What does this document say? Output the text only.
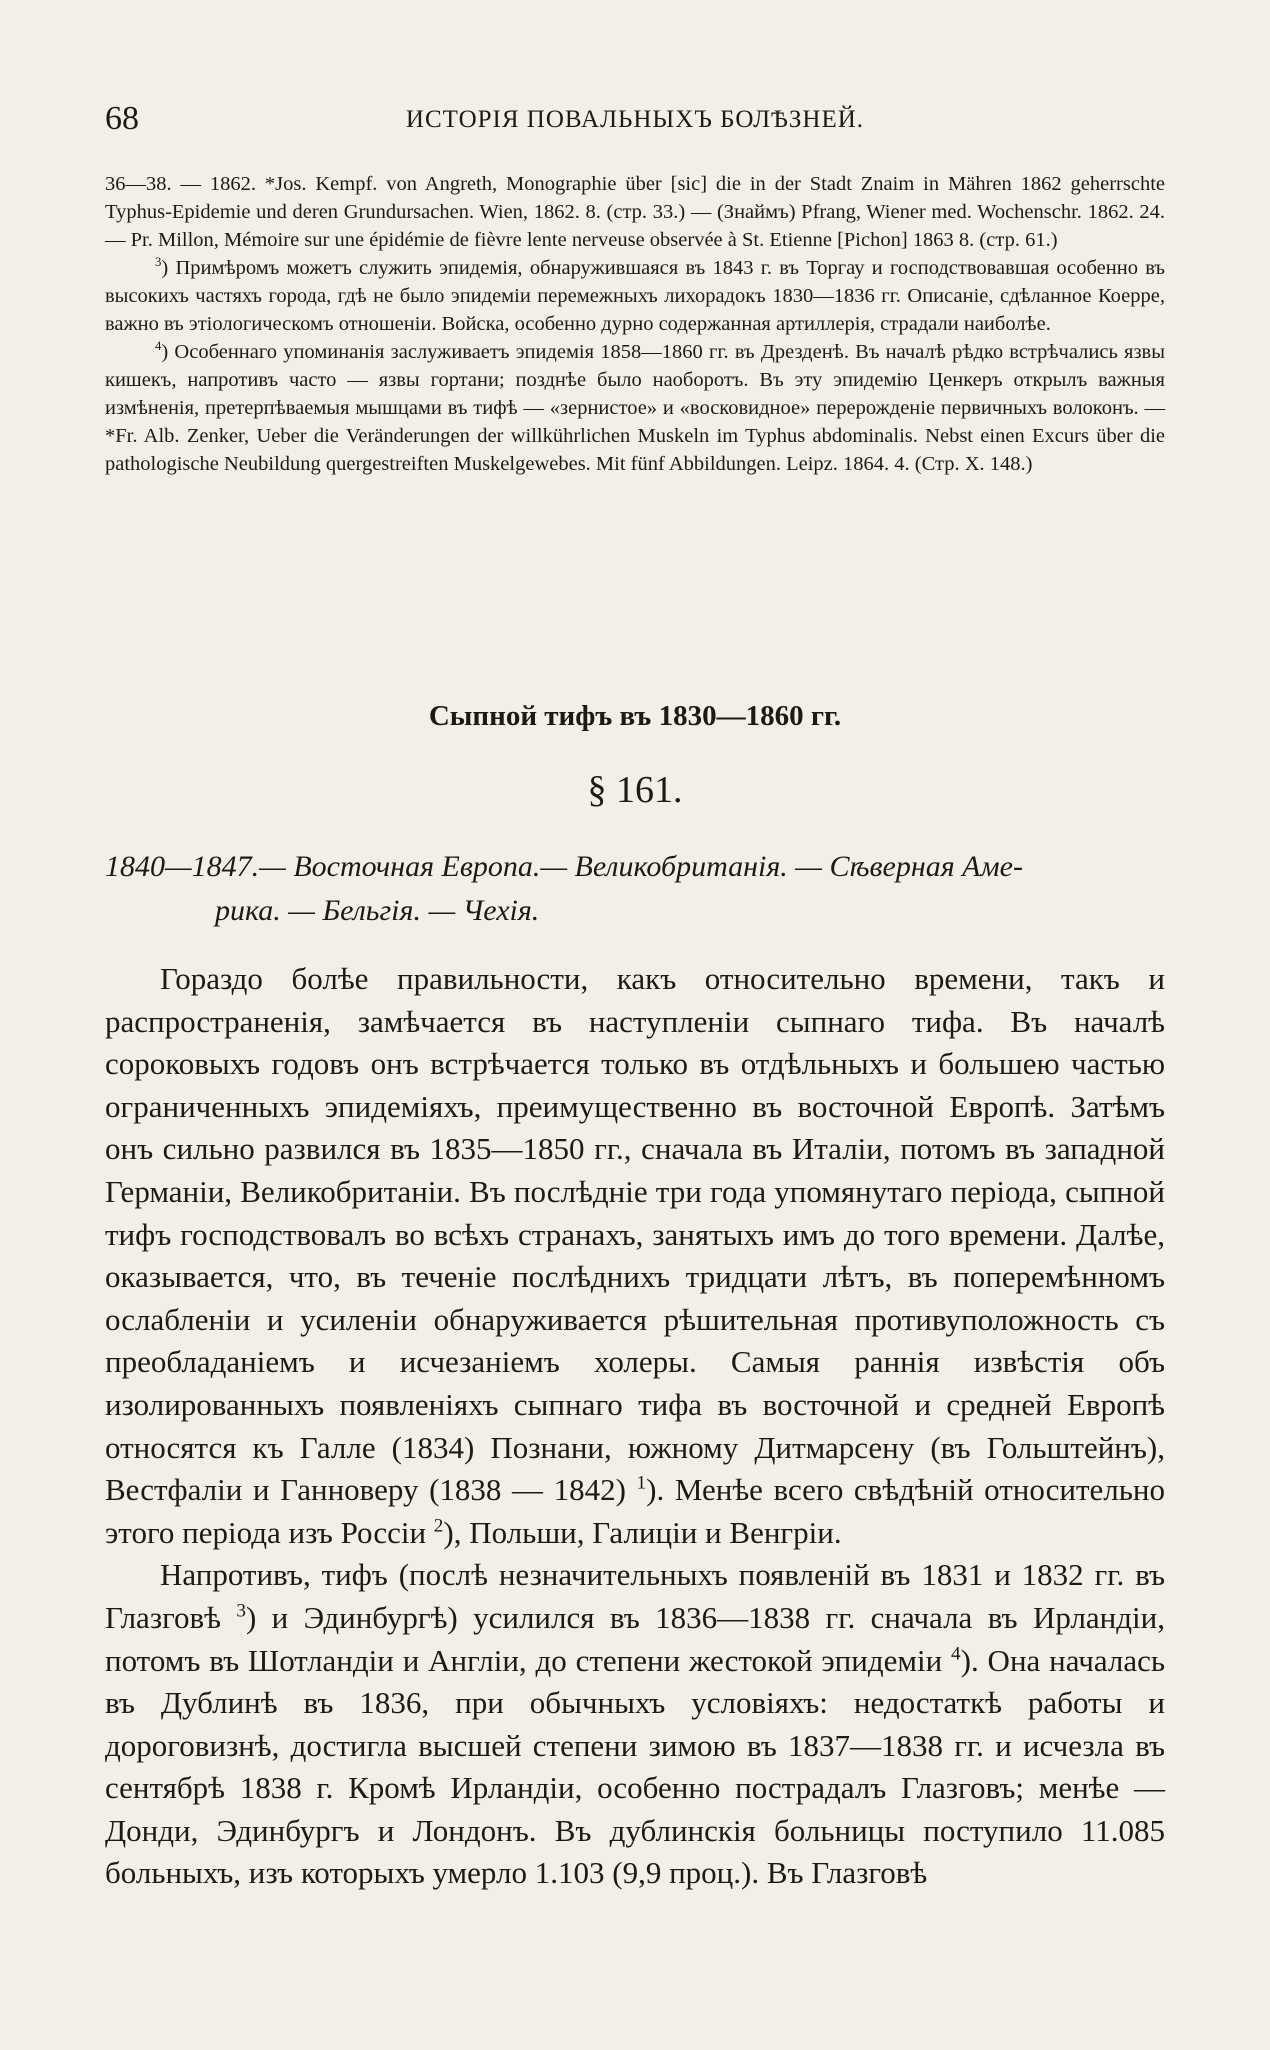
68	ИСТОРІЯ ПОВАЛЬНЫХЪ БОЛѢЗНЕЙ.

36—38. — 1862. *Jos. Kempf. von Angreth, Monographie über [sic] die in der Stadt Znaim in Mähren 1862 geherrschte Typhus-Epidemie und deren Grundursachen. Wien, 1862. 8. (стр. 33.) — (Знаймъ) Pfrang, Wiener med. Wochenschr. 1862. 24. — Pr. Millon, Mémoire sur une épidémie de fièvre lente nerveuse observée à St. Etienne [Pichon] 1863 8. (стр. 61.)

$^3$) Примѣромъ можетъ служить эпидемія, обнаружившаяся въ 1843 г. въ Торгау и господствовавшая особенно въ высокихъ частяхъ города, гдѣ не было эпидеміи перемежныхъ лихорадокъ 1830—1836 гг. Описаніе, сдѣланное Коерре, важно въ этіологическомъ отношеніи. Войска, особенно дурно содержанная артиллерія, страдали наиболѣе.

$^4$) Особеннаго упоминанія заслуживаетъ эпидемія 1858—1860 гг. въ Дрезденѣ. Въ началѣ рѣдко встрѣчались язвы кишекъ, напротивъ часто — язвы гортани; позднѣе было наоборотъ. Въ эту эпидемію Ценкеръ открылъ важныя измѣненія, претерпѣваемыя мышцами въ тифѣ — «зернистое» и «восковидное» перерожденіе первичныхъ волоконъ. — *Fr. Alb. Zenker, Ueber die Veränderungen der willkührlichen Muskeln im Typhus abdominalis. Nebst einen Excurs über die pathologische Neubildung quergestreiften Muskelgewebes. Mit fünf Abbildungen. Leipz. 1864. 4. (Стр. X. 148.)

Сыпной тифъ въ 1830—1860 гг.
§ 161.

1840—1847.— Восточная Европа.— Великобританія. — Сѣверная Аме-

рика. — Бельгія. — Чехія.

Гораздо болѣе правильности, какъ относительно времени, такъ и распространенія, замѣчается въ наступленіи сыпнаго тифа. Въ началѣ сороковыхъ годовъ онъ встрѣчается только въ отдѣльныхъ и большею частью ограниченныхъ эпидеміяхъ, преимущественно въ восточной Европѣ. Затѣмъ онъ сильно развился въ 1835—1850 гг., сначала въ Италіи, потомъ въ западной Германіи, Великобританіи. Въ послѣдніе три года упомянутаго періода, сыпной тифъ господствовалъ во всѣхъ странахъ, занятыхъ имъ до того времени. Далѣе, оказывается, что, въ теченіе послѣднихъ тридцати лѣтъ, въ поперемѣнномъ ослабленіи и усиленіи обнаруживается рѣшительная противуположность съ преобладаніемъ и исчезаніемъ холеры. Самыя раннія извѣстія объ изолированныхъ появленіяхъ сыпнаго тифа въ восточной и средней Европѣ относятся къ Галле (1834) Познани, южному Дитмарсену (въ Гольштейнъ), Вестфаліи и Ганноверу (1838 — 1842) $^1$). Менѣе всего свѣдѣній относительно этого періода изъ Россіи $^2$), Польши, Галиціи и Венгріи.

Напротивъ, тифъ (послѣ незначительныхъ появленій въ 1831 и 1832 гг. въ Глазговѣ $^3$) и Эдинбургѣ) усилился въ 1836—1838 гг. сначала въ Ирландіи, потомъ въ Шотландіи и Англіи, до степени жестокой эпидеміи $^4$). Она началась въ Дублинѣ въ 1836, при обычныхъ условіяхъ: недостаткѣ работы и дороговизнѣ, достигла высшей степени зимою въ 1837—1838 гг. и исчезла въ сентябрѣ 1838 г. Кромѣ Ирландіи, особенно пострадалъ Глазговъ; менѣе — Донди, Эдинбургъ и Лондонъ. Въ дублинскія больницы поступило 11.085 больныхъ, изъ которыхъ умерло 1.103 (9,9 проц.). Въ Глазговѣ
